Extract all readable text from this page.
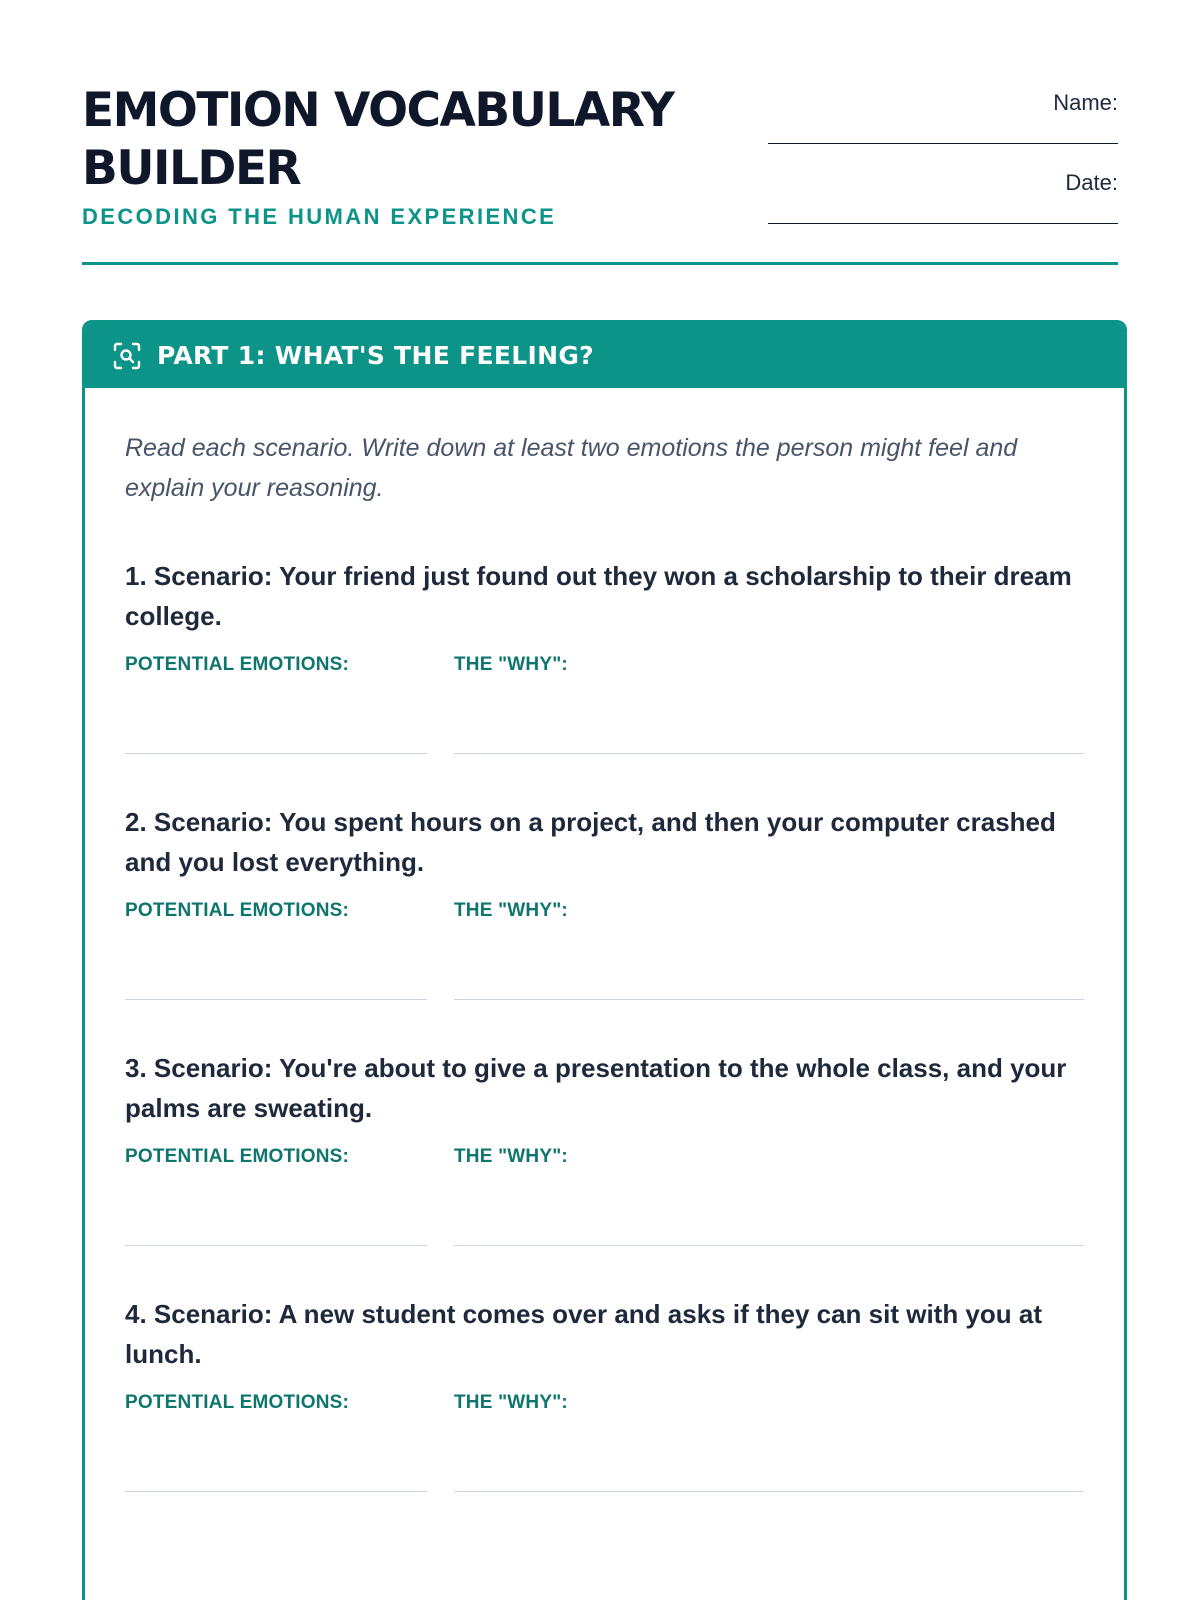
EMOTION VOCABULARY
BUILDER
DECODING THE HUMAN EXPERIENCE
Name:
Date:
PART 1: WHAT'S THE FEELING?

Read each scenario. Write down at least two emotions the person might feel and explain your reasoning.

1. Scenario: Your friend just found out they won a scholarship to their dream college.
POTENTIAL EMOTIONS:	THE "WHY":
2. Scenario: You spent hours on a project, and then your computer crashed and you lost everything.
POTENTIAL EMOTIONS:	THE "WHY":
3. Scenario: You're about to give a presentation to the whole class, and your palms are sweating.
POTENTIAL EMOTIONS:	THE "WHY":
4. Scenario: A new student comes over and asks if they can sit with you at lunch.
POTENTIAL EMOTIONS:	THE "WHY":
